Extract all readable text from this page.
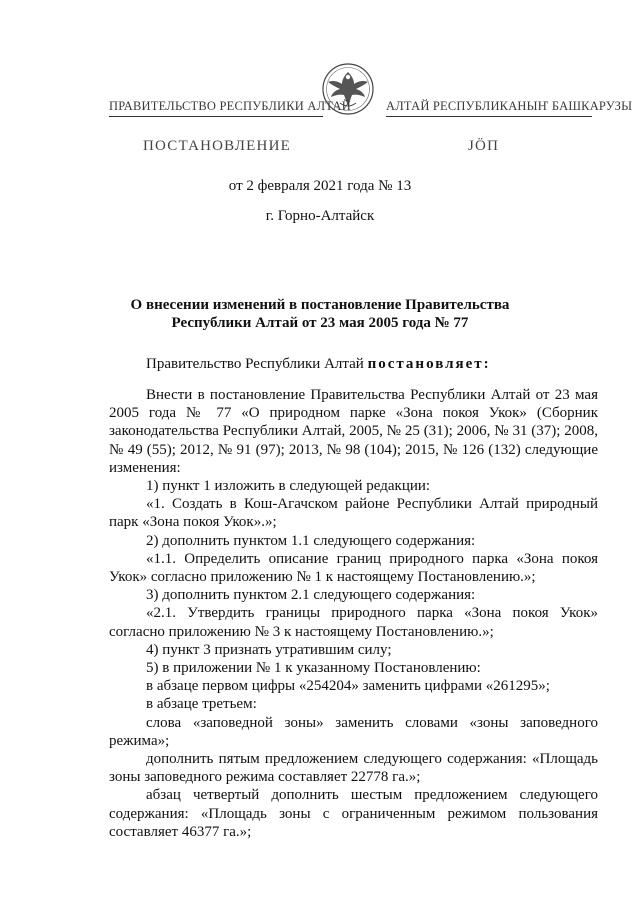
ПРАВИТЕЛЬСТВО РЕСПУБЛИКИ АЛТАЙ	АЛТАЙ РЕСПУБЛИКАНЫҤ БАШКАРУЗЫ
ПОСТАНОВЛЕНИЕ	JӦП
от 2 февраля 2021 года № 13
г. Горно-Алтайск
О внесении изменений в постановление Правительства
Республики Алтай от 23 мая 2005 года № 77
Правительство Республики Алтай постановляет:

Внести в постановление Правительства Республики Алтай от 23 мая 2005 года № 77 «О природном парке «Зона покоя Укок» (Сборник законодательства Республики Алтай, 2005, № 25 (31); 2006, № 31 (37); 2008, № 49 (55); 2012, № 91 (97); 2013, № 98 (104); 2015, № 126 (132) следующие изменения:

1) пункт 1 изложить в следующей редакции:

«1. Создать в Кош-Агачском районе Республики Алтай природный парк «Зона покоя Укок».»;

2) дополнить пунктом 1.1 следующего содержания:

«1.1. Определить описание границ природного парка «Зона покоя Укок» согласно приложению № 1 к настоящему Постановлению.»;

3) дополнить пунктом 2.1 следующего содержания:

«2.1. Утвердить границы природного парка «Зона покоя Укок» согласно приложению № 3 к настоящему Постановлению.»;

4) пункт 3 признать утратившим силу;

5) в приложении № 1 к указанному Постановлению:

в абзаце первом цифры «254204» заменить цифрами «261295»;

в абзаце третьем:

слова «заповедной зоны» заменить словами «зоны заповедного режима»;

дополнить пятым предложением следующего содержания: «Площадь зоны заповедного режима составляет 22778 га.»;

абзац четвертый дополнить шестым предложением следующего содержания: «Площадь зоны с ограниченным режимом пользования составляет 46377 га.»;
